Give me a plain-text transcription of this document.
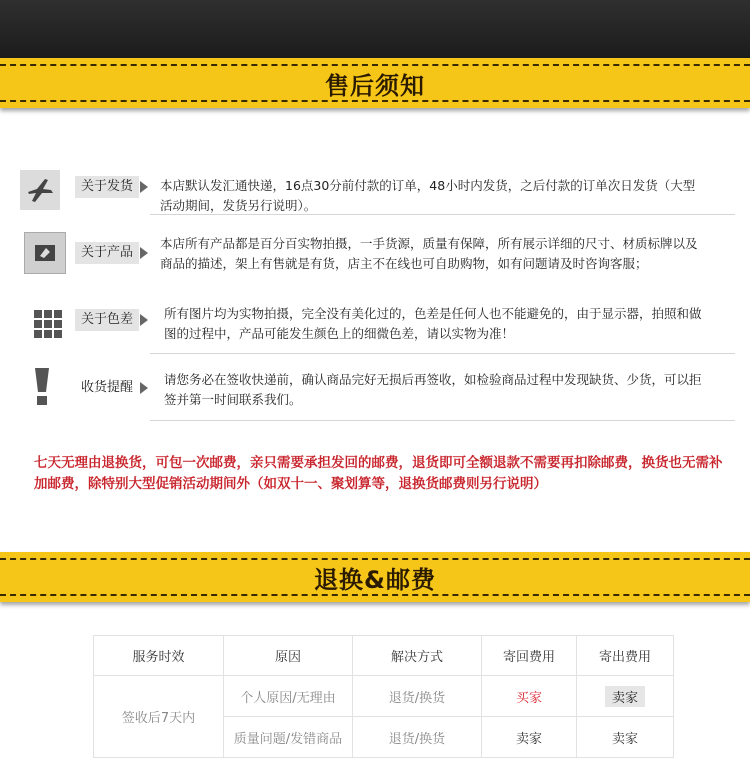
售后须知
关于发货	本店默认发汇通快递，16点30分前付款的订单，48小时内发货，之后付款的订单次日发货（大型活动期间，发货另行说明）。
关于产品
本店所有产品都是百分百实物拍摄，一手货源，质量有保障，所有展示详细的尺寸、材质标牌以及商品的描述，架上有售就是有货，店主不在线也可自助购物，如有问题请及时咨询客服；
关于色差	所有图片均为实物拍摄，完全没有美化过的，色差是任何人也不能避免的，由于显示器，拍照和做图的过程中，产品可能发生颜色上的细微色差，请以实物为准！
收货提醒
请您务必在签收快递前，确认商品完好无损后再签收，如检验商品过程中发现缺货、少货，可以拒签并第一时间联系我们。
七天无理由退换货，可包一次邮费，亲只需要承担发回的邮费，退货即可全额退款不需要再扣除邮费，换货也无需补加邮费，除特别大型促销活动期间外（如双十一、聚划算等，退换货邮费则另行说明）
退换&邮费
服务时效	原因	解决方式	寄回费用	寄出费用
签收后7天内	个人原因/无理由	退货/换货	买家	卖家
	质量问题/发错商品	退货/换货	卖家	卖家
